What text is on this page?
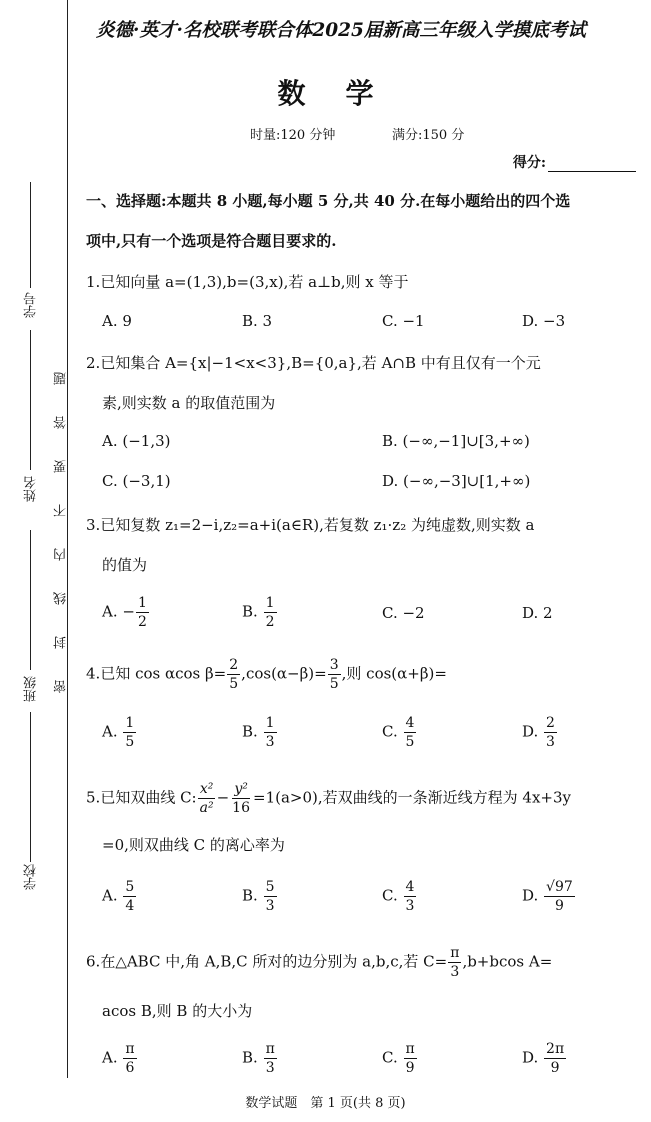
学号
姓名
班级
学校
题
答
要
不
内
线
封
密
炎德·英才·名校联考联合体2025届新高三年级入学摸底考试
数学
时量:120 分钟	满分:150 分
得分:
一、选择题:本题共 8 小题,每小题 5 分,共 40 分.在每小题给出的四个选
项中,只有一个选项是符合题目要求的.
1.已知向量 a=(1,3),b=(3,x),若 a⊥b,则 x 等于
A. 9	B. 3	C. −1	D. −3
2.已知集合 A={x|−1<x<3},B={0,a},若 A∩B 中有且仅有一个元
素,则实数 a 的取值范围为
A. (−1,3)	B. (−∞,−1]∪[3,+∞)
C. (−3,1)	D. (−∞,−3]∪[1,+∞)
3.已知复数 z₁=2−i,z₂=a+i(a∈R),若复数 z₁·z₂ 为纯虚数,则实数 a
的值为
A. − $\frac{1}{2}$	B. $\frac{1}{2}$	C. −2	D. 2
4.已知 cos αcos $\beta= \frac{2}{5} ,\cos(\alpha-\beta)= \frac{3}{5}$ ,则 cos(α+β)=
A. $\frac{1}{5}$	B. $\frac{1}{3}$	C. $\frac{4}{5}$	D. $\frac{2}{3}$
5.已知双曲线 C: $\frac{\text{x²}}{\text{a²}} - \frac{\text{y²}}{16} =1(a>0)$,若双曲线的一条渐近线方程为 4x+3y
=0,则双曲线 C 的离心率为
A. $\frac{5}{4}$	B. $\frac{5}{3}$	C. $\frac{4}{3}$	D. $\frac{√97}{9}$
6.在△ABC 中,角 A,B,C 所对的边分别为 a,b,c,若 $C= \frac{\pi}{3} ,b+bcos$ A=
acos B,则 B 的大小为
A. $\frac{\pi}{6}$	B. $\frac{\pi}{3}$	C. $\frac{\pi}{9}$	D. $\frac{2\pi}{9}$
数学试题　第 1 页(共 8 页)
